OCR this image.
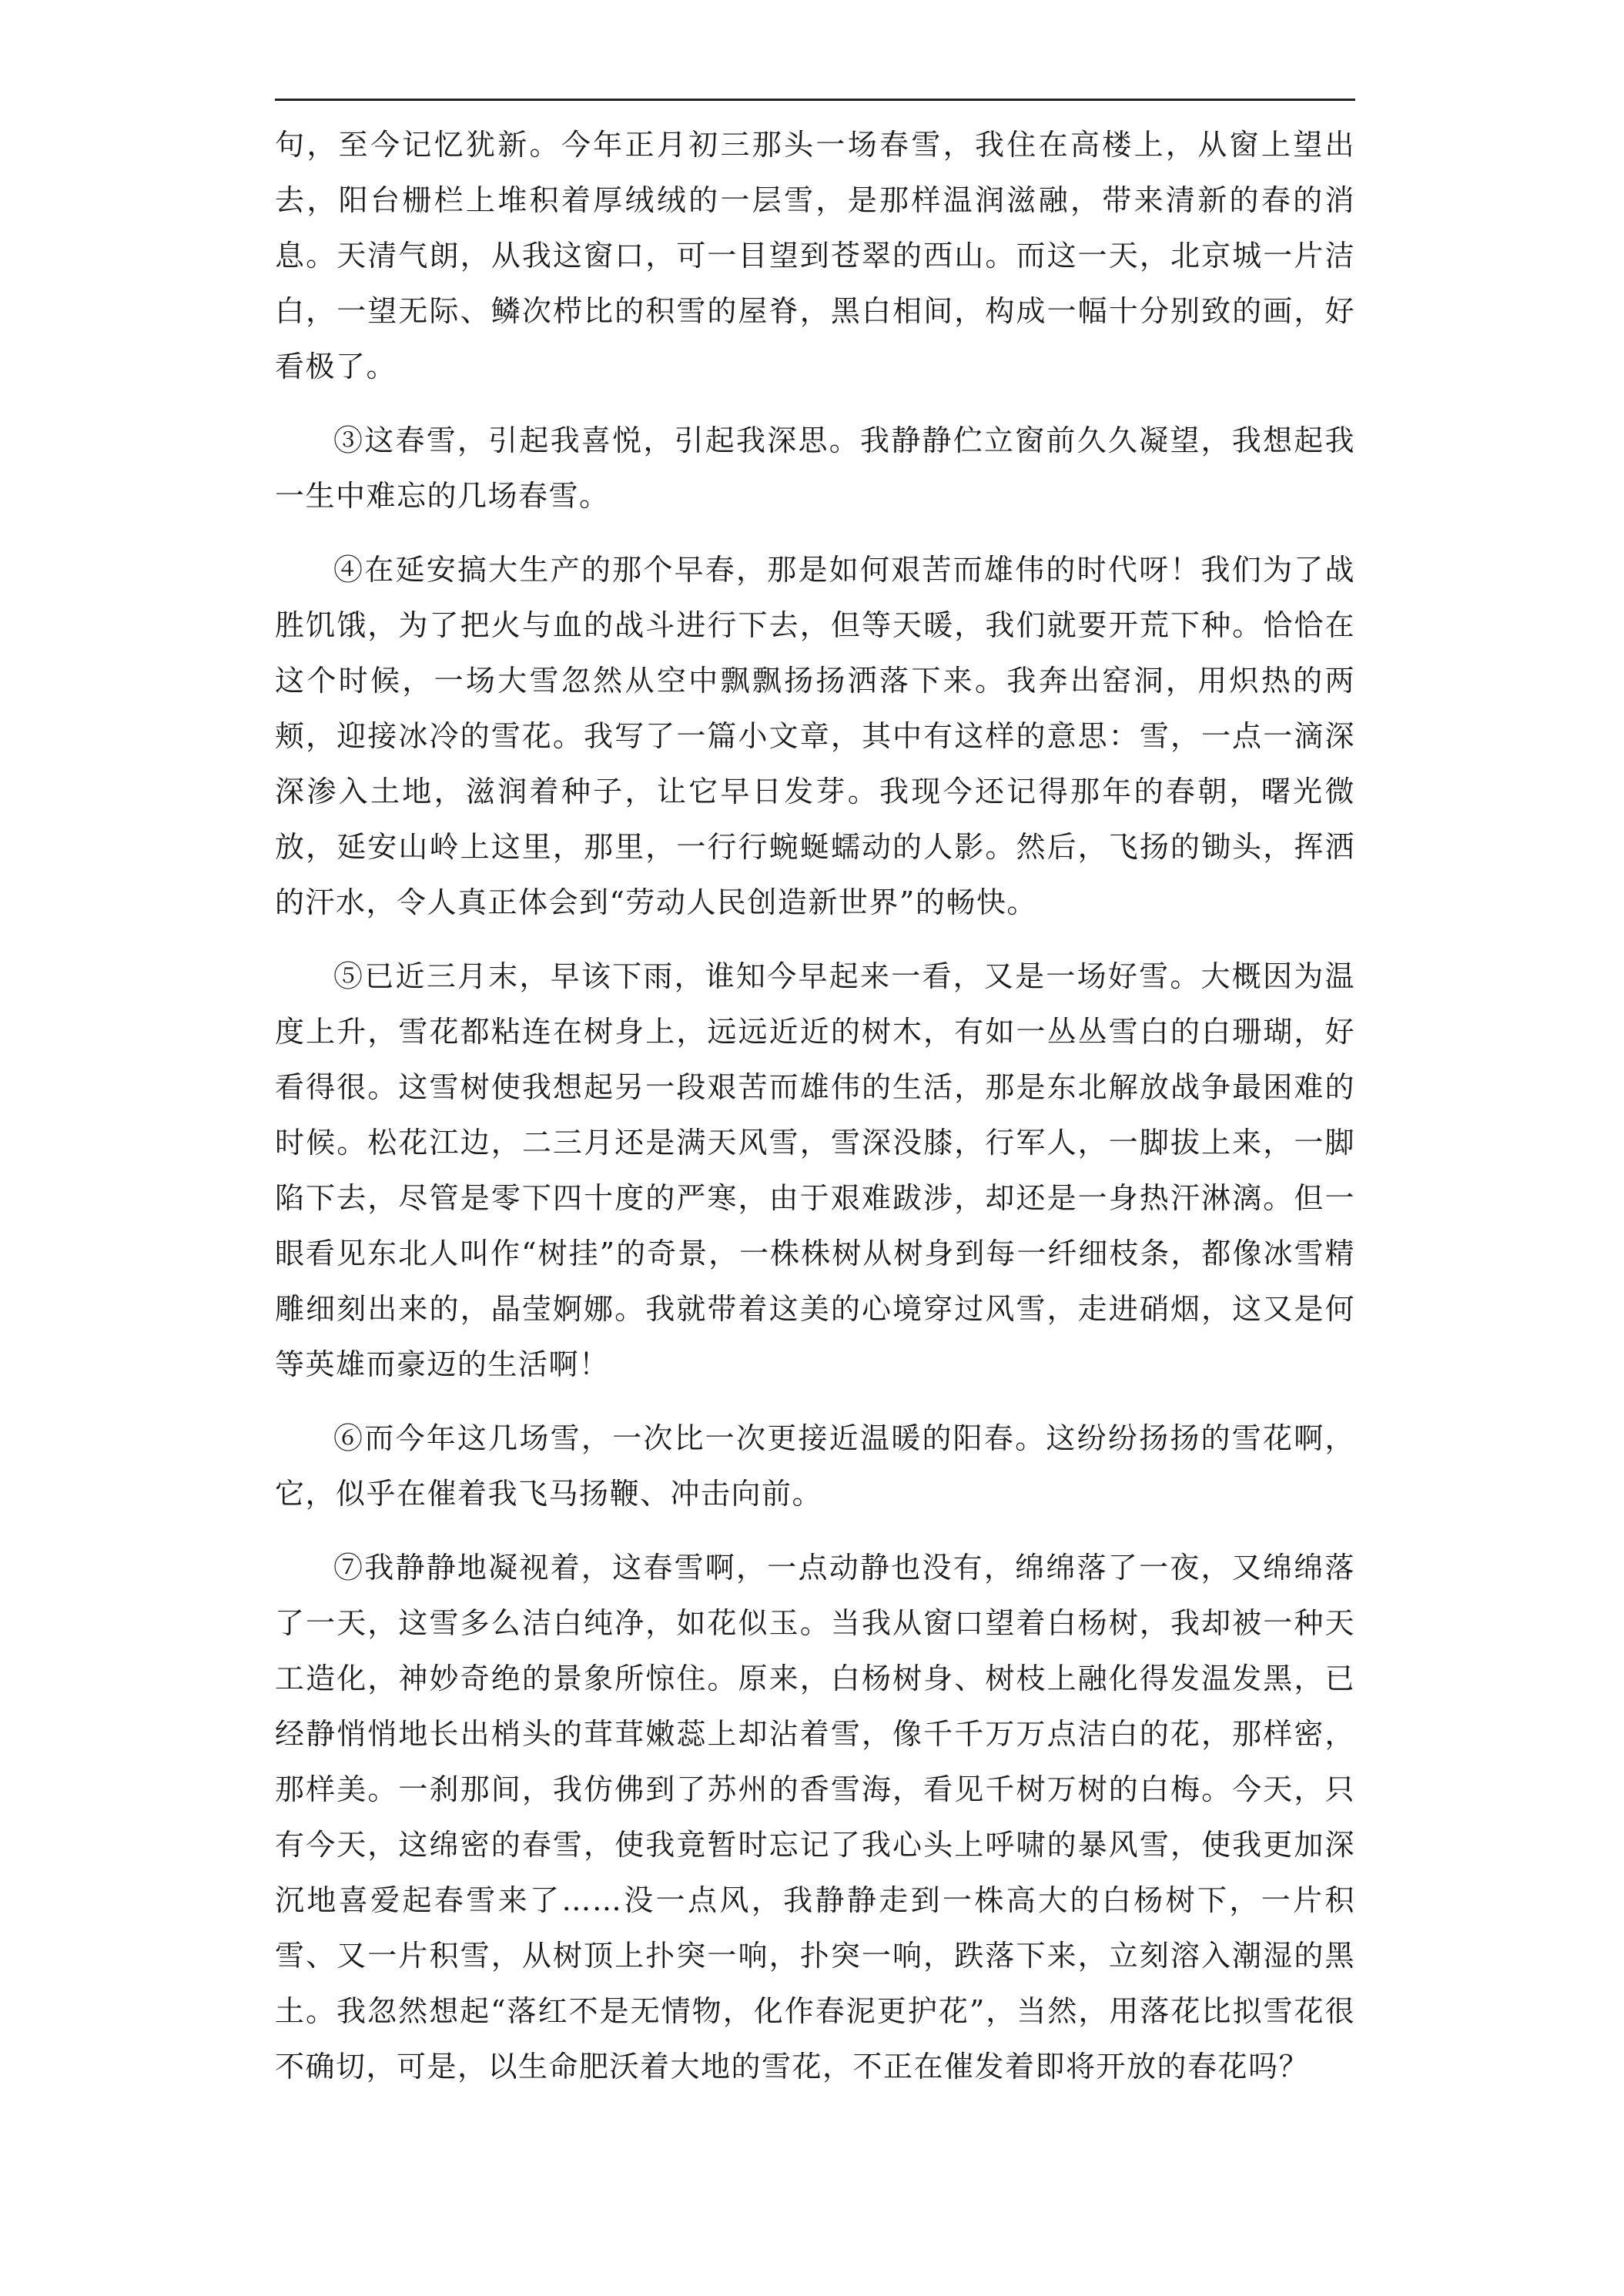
句，至今记忆犹新。今年正月初三那头一场春雪，我住在高楼上，从窗上望出去，阳台栅栏上堆积着厚绒绒的一层雪，是那样温润滋融，带来清新的春的消息。天清气朗，从我这窗口，可一目望到苍翠的西山。而这一天，北京城一片洁白，一望无际、鳞次栉比的积雪的屋脊，黑白相间，构成一幅十分别致的画，好看极了。

③这春雪，引起我喜悦，引起我深思。我静静伫立窗前久久凝望，我想起我一生中难忘的几场春雪。

④在延安搞大生产的那个早春，那是如何艰苦而雄伟的时代呀！我们为了战胜饥饿，为了把火与血的战斗进行下去，但等天暖，我们就要开荒下种。恰恰在这个时候，一场大雪忽然从空中飘飘扬扬洒落下来。我奔出窑洞，用炽热的两颊，迎接冰冷的雪花。我写了一篇小文章，其中有这样的意思：雪，一点一滴深深渗入土地，滋润着种子，让它早日发芽。我现今还记得那年的春朝，曙光微放，延安山岭上这里，那里，一行行蜿蜒蠕动的人影。然后，飞扬的锄头，挥洒的汗水，令人真正体会到“劳动人民创造新世界”的畅快。

⑤已近三月末，早该下雨，谁知今早起来一看，又是一场好雪。大概因为温度上升，雪花都粘连在树身上，远远近近的树木，有如一丛丛雪白的白珊瑚，好看得很。这雪树使我想起另一段艰苦而雄伟的生活，那是东北解放战争最困难的时候。松花江边，二三月还是满天风雪，雪深没膝，行军人，一脚拔上来，一脚陷下去，尽管是零下四十度的严寒，由于艰难跋涉，却还是一身热汗淋漓。但一眼看见东北人叫作“树挂”的奇景，一株株树从树身到每一纤细枝条，都像冰雪精雕细刻出来的，晶莹婀娜。我就带着这美的心境穿过风雪，走进硝烟，这又是何等英雄而豪迈的生活啊！

⑥而今年这几场雪，一次比一次更接近温暖的阳春。这纷纷扬扬的雪花啊，它，似乎在催着我飞马扬鞭、冲击向前。

⑦我静静地凝视着，这春雪啊，一点动静也没有，绵绵落了一夜，又绵绵落了一天，这雪多么洁白纯净，如花似玉。当我从窗口望着白杨树，我却被一种天工造化，神妙奇绝的景象所惊住。原来，白杨树身、树枝上融化得发温发黑，已经静悄悄地长出梢头的茸茸嫩蕊上却沾着雪，像千千万万点洁白的花，那样密，那样美。一刹那间，我仿佛到了苏州的香雪海，看见千树万树的白梅。今天，只有今天，这绵密的春雪，使我竟暂时忘记了我心头上呼啸的暴风雪，使我更加深沉地喜爱起春雪来了……没一点风，我静静走到一株高大的白杨树下，一片积雪、又一片积雪，从树顶上扑突一响，扑突一响，跌落下来，立刻溶入潮湿的黑土。我忽然想起“落红不是无情物，化作春泥更护花”，当然，用落花比拟雪花很不确切，可是，以生命肥沃着大地的雪花，不正在催发着即将开放的春花吗？
